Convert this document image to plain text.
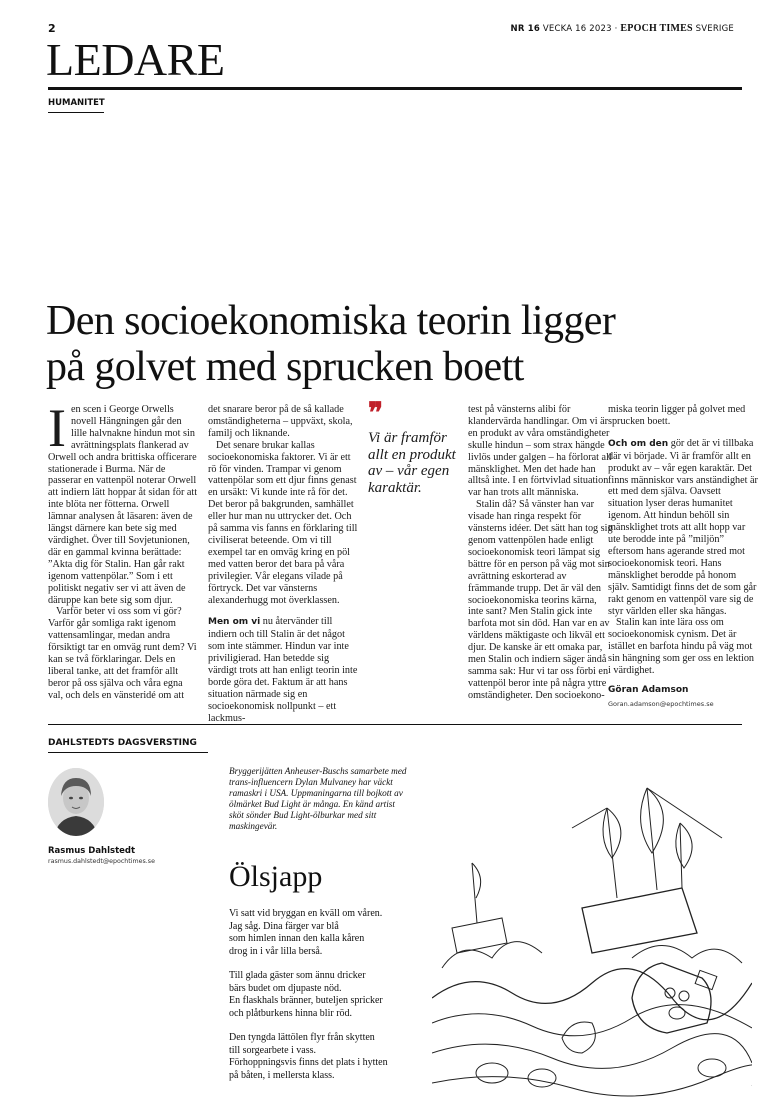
2	NR 16 VECKA 16 2023 · EPOCH TIMES SVERIGE
LEDARE
HUMANITET
Den socioekonomiska teorin ligger
på golvet med sprucken boett
I en scen i George Orwells novell Hängningen går den lille halvnakne hindun mot sin avrättningsplats flankerad av Orwell och andra brittiska officerare stationerade i Burma. När de passerar en vattenpöl noterar Orwell att indiern lätt hoppar åt sidan för att inte blöta ner fötterna. Orwell lämnar analysen åt läsaren: även de längst därnere kan bete sig med värdighet. Över till Sovjetunionen, där en gammal kvinna berättade: ”Akta dig för Stalin. Han går rakt igenom vattenpölar.” Som i ett politiskt negativ ser vi att även de däruppe kan bete sig som djur.

Varför beter vi oss som vi gör? Varför går somliga rakt igenom vattensamlingar, medan andra försiktigt tar en omväg runt dem? Vi kan se två förklaringar. Dels en liberal tanke, att det framför allt beror på oss själva och våra egna val, och dels en vänsteridé om att

det snarare beror på de så kallade omständigheterna – uppväxt, skola, familj och liknande.

Det senare brukar kallas socioekonomiska faktorer. Vi är ett rö för vinden. Trampar vi genom vattenpölar som ett djur finns genast en ursäkt: Vi kunde inte rå för det. Det beror på bakgrunden, samhället eller hur man nu uttrycker det. Och på samma vis fanns en förklaring till civiliserat beteende. Om vi till exempel tar en omväg kring en pöl med vatten beror det bara på våra privilegier. Vår elegans vilade på förtryck. Det var vänsterns alexanderhugg mot överklassen.

Men om vi nu återvänder till indiern och till Stalin är det något som inte stämmer. Hindun var inte priviligierad. Han betedde sig värdigt trots att han enligt teorin inte borde göra det. Faktum är att hans situation närmade sig en socioekonomisk nollpunkt – ett lackmus-

❞
Vi är framför allt en produkt av – vår egen karaktär.

test på vänsterns alibi för klandervärda handlingar. Om vi är en produkt av våra omständigheter skulle hindun – som strax hängde livlös under galgen – ha förlorat all mänsklighet. Men det hade han alltså inte. I en förtvivlad situation var han trots allt människa.

Stalin då? Så vänster han var visade han ringa respekt för vänsterns idéer. Det sätt han tog sig genom vattenpölen hade enligt socioekonomisk teori lämpat sig bättre för en person på väg mot sin avrättning eskorterad av främmande trupp. Det är väl den socioekonomiska teorins kärna, inte sant? Men Stalin gick inte barfota mot sin död. Han var en av världens mäktigaste och likväl ett djur. De kanske är ett omaka par, men Stalin och indiern säger ändå samma sak: Hur vi tar oss förbi en vattenpöl beror inte på några yttre omständigheter. Den socioekono-

miska teorin ligger på golvet med sprucken boett.

Och om den gör det är vi tillbaka där vi började. Vi är framför allt en produkt av – vår egen karaktär. Det finns människor vars anständighet är ett med dem själva. Oavsett situation lyser deras humanitet igenom. Att hindun behöll sin mänsklighet trots att allt hopp var ute berodde inte på ”miljön” eftersom hans agerande stred mot socioekonomisk teori. Hans mänsklighet berodde på honom själv. Samtidigt finns det de som går rakt genom en vattenpöl vare sig de styr världen eller ska hängas.

Stalin kan inte lära oss om socioekonomisk cynism. Det är istället en barfota hindu på väg mot sin hängning som ger oss en lektion i värdighet.

Göran Adamson
Goran.adamson@epochtimes.se
DAHLSTEDTS DAGSVERSTING
Rasmus Dahlstedt
rasmus.dahlstedt@epochtimes.se
Bryggerijätten Anheuser-Buschs samarbete med trans-influencern Dylan Mulvaney har väckt ramaskri i USA. Uppmaningarna till bojkott av ölmärket Bud Light är många. En känd artist sköt sönder Bud Light-ölburkar med sitt maskingevär.
Ölsjapp
Vi satt vid bryggan en kväll om våren.
Jag såg. Dina färger var blå
som himlen innan den kalla kåren
drog in i vår lilla berså.
Till glada gäster som ännu dricker
bärs budet om djupaste nöd.
En flaskhals bränner, buteljen spricker
och plåtburkens hinna blir röd.
Den tyngda lättölen flyr från skytten
till sorgearbete i vass.
Förhoppningsvis finns det plats i hytten
på båten, i mellersta klass.
